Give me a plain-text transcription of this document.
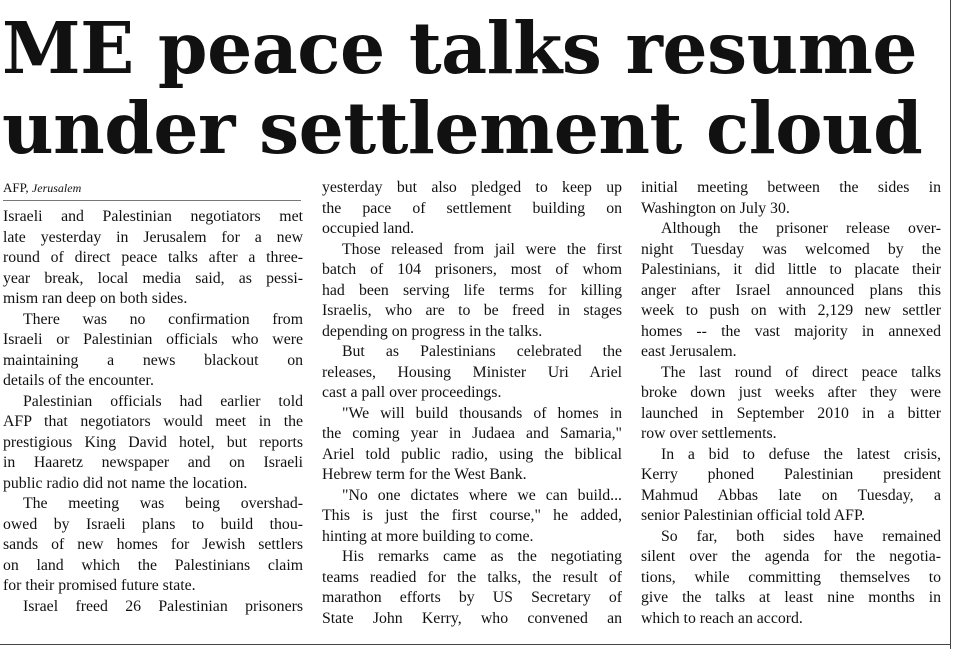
ME peace talks resume
under settlement cloud
AFP, Jerusalem
Israeli and Palestinian negotiators met
late yesterday in Jerusalem for a new
round of direct peace talks after a three-
year break, local media said, as pessi-
mism ran deep on both sides.
There was no confirmation from
Israeli or Palestinian officials who were
maintaining a news blackout on
details of the encounter.
Palestinian officials had earlier told
AFP that negotiators would meet in the
prestigious King David hotel, but reports
in Haaretz newspaper and on Israeli
public radio did not name the location.
The meeting was being overshad-
owed by Israeli plans to build thou-
sands of new homes for Jewish settlers
on land which the Palestinians claim
for their promised future state.
Israel freed 26 Palestinian prisoners
yesterday but also pledged to keep up
the pace of settlement building on
occupied land.
Those released from jail were the first
batch of 104 prisoners, most of whom
had been serving life terms for killing
Israelis, who are to be freed in stages
depending on progress in the talks.
But as Palestinians celebrated the
releases, Housing Minister Uri Ariel
cast a pall over proceedings.
"We will build thousands of homes in
the coming year in Judaea and Samaria,"
Ariel told public radio, using the biblical
Hebrew term for the West Bank.
"No one dictates where we can build...
This is just the first course," he added,
hinting at more building to come.
His remarks came as the negotiating
teams readied for the talks, the result of
marathon efforts by US Secretary of
State John Kerry, who convened an
initial meeting between the sides in
Washington on July 30.
Although the prisoner release over-
night Tuesday was welcomed by the
Palestinians, it did little to placate their
anger after Israel announced plans this
week to push on with 2,129 new settler
homes -- the vast majority in annexed
east Jerusalem.
The last round of direct peace talks
broke down just weeks after they were
launched in September 2010 in a bitter
row over settlements.
In a bid to defuse the latest crisis,
Kerry phoned Palestinian president
Mahmud Abbas late on Tuesday, a
senior Palestinian official told AFP.
So far, both sides have remained
silent over the agenda for the negotia-
tions, while committing themselves to
give the talks at least nine months in
which to reach an accord.
